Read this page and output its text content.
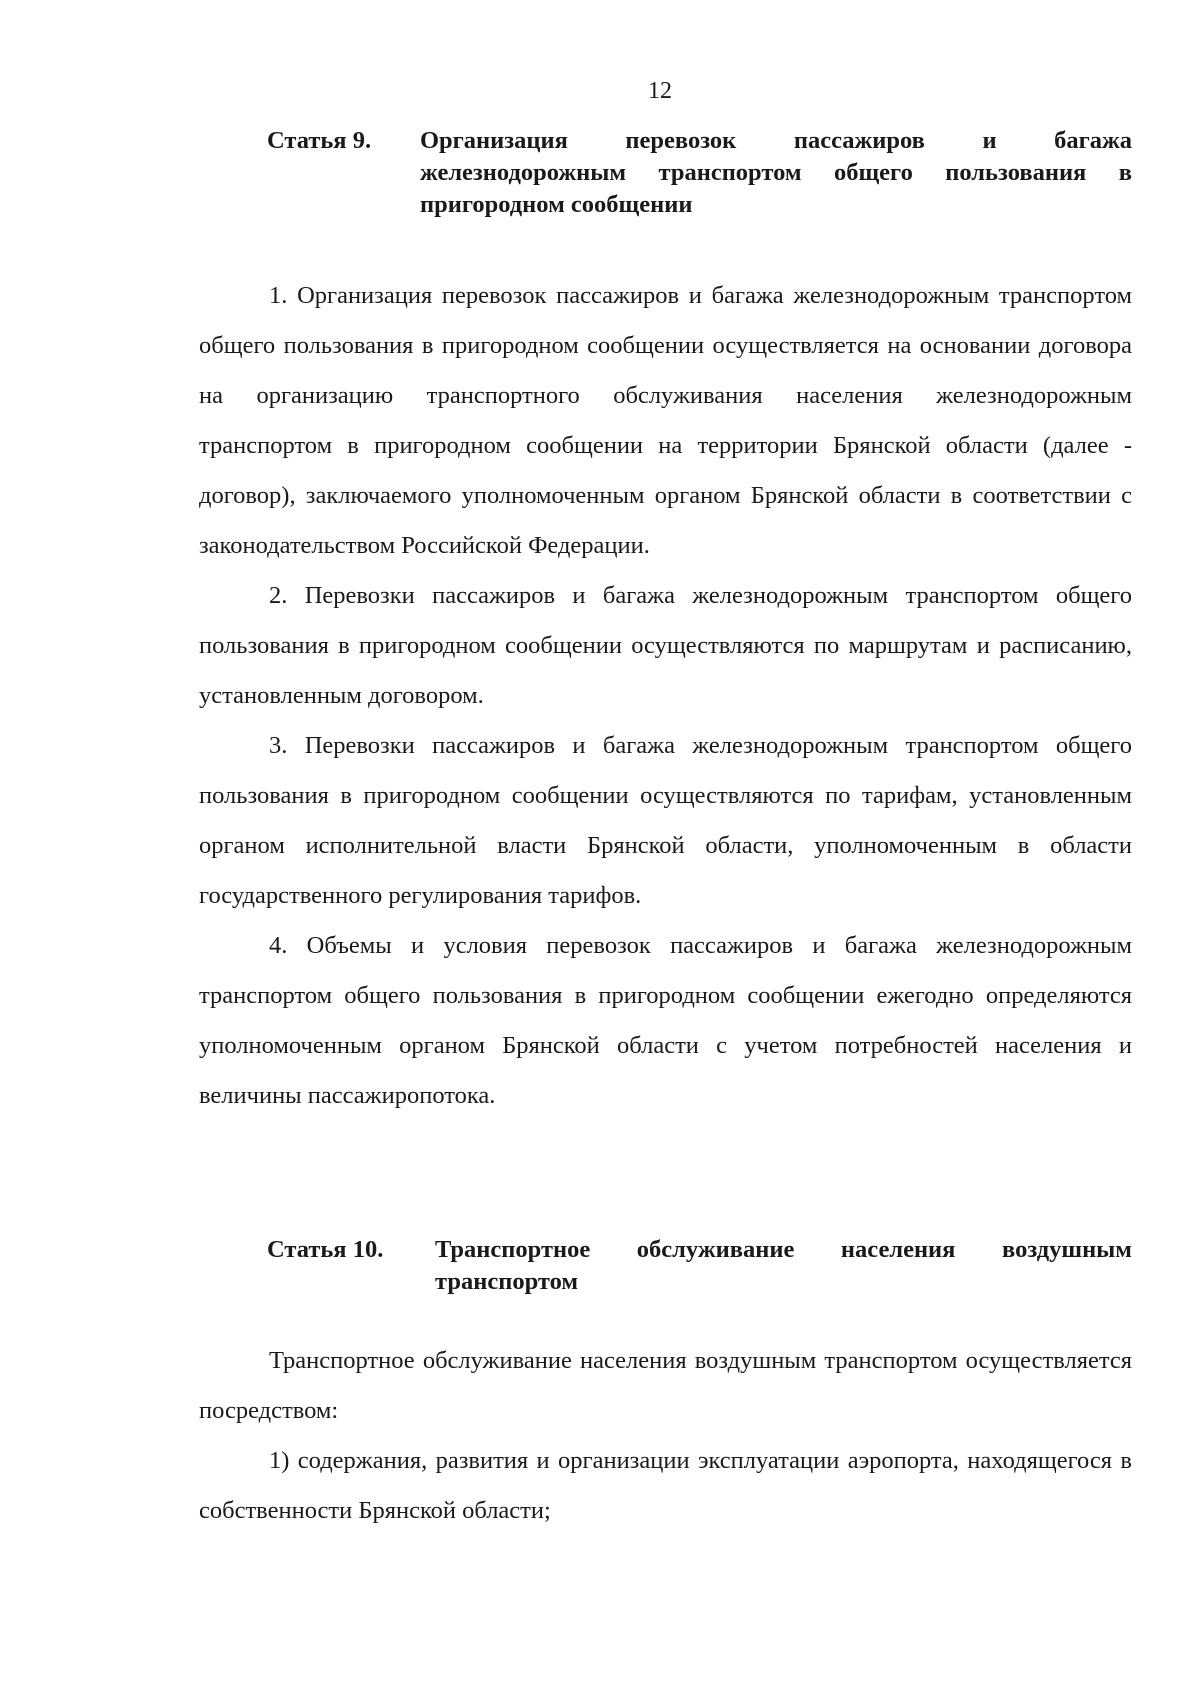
12

Статья 9.	Организация перевозок пассажиров и багажа железнодорожным транспортом общего пользования в пригородном сообщении

1. Организация перевозок пассажиров и багажа железнодорожным транспортом общего пользования в пригородном сообщении осуществляется на основании договора на организацию транспортного обслуживания населения железнодорожным транспортом в пригородном сообщении на территории Брянской области (далее - договор), заключаемого уполномоченным органом Брянской области в соответствии с законодательством Российской Федерации.

2. Перевозки пассажиров и багажа железнодорожным транспортом общего пользования в пригородном сообщении осуществляются по маршрутам и расписанию, установленным договором.

3. Перевозки пассажиров и багажа железнодорожным транспортом общего пользования в пригородном сообщении осуществляются по тарифам, установленным органом исполнительной власти Брянской области, уполномоченным в области государственного регулирования тарифов.

4. Объемы и условия перевозок пассажиров и багажа железнодорожным транспортом общего пользования в пригородном сообщении ежегодно определяются уполномоченным органом Брянской области с учетом потребностей населения и величины пассажиропотока.

Статья 10.	Транспортное обслуживание населения воздушным транспортом

Транспортное обслуживание населения воздушным транспортом осуществляется посредством:

1) содержания, развития и организации эксплуатации аэропорта, находящегося в собственности Брянской области;
